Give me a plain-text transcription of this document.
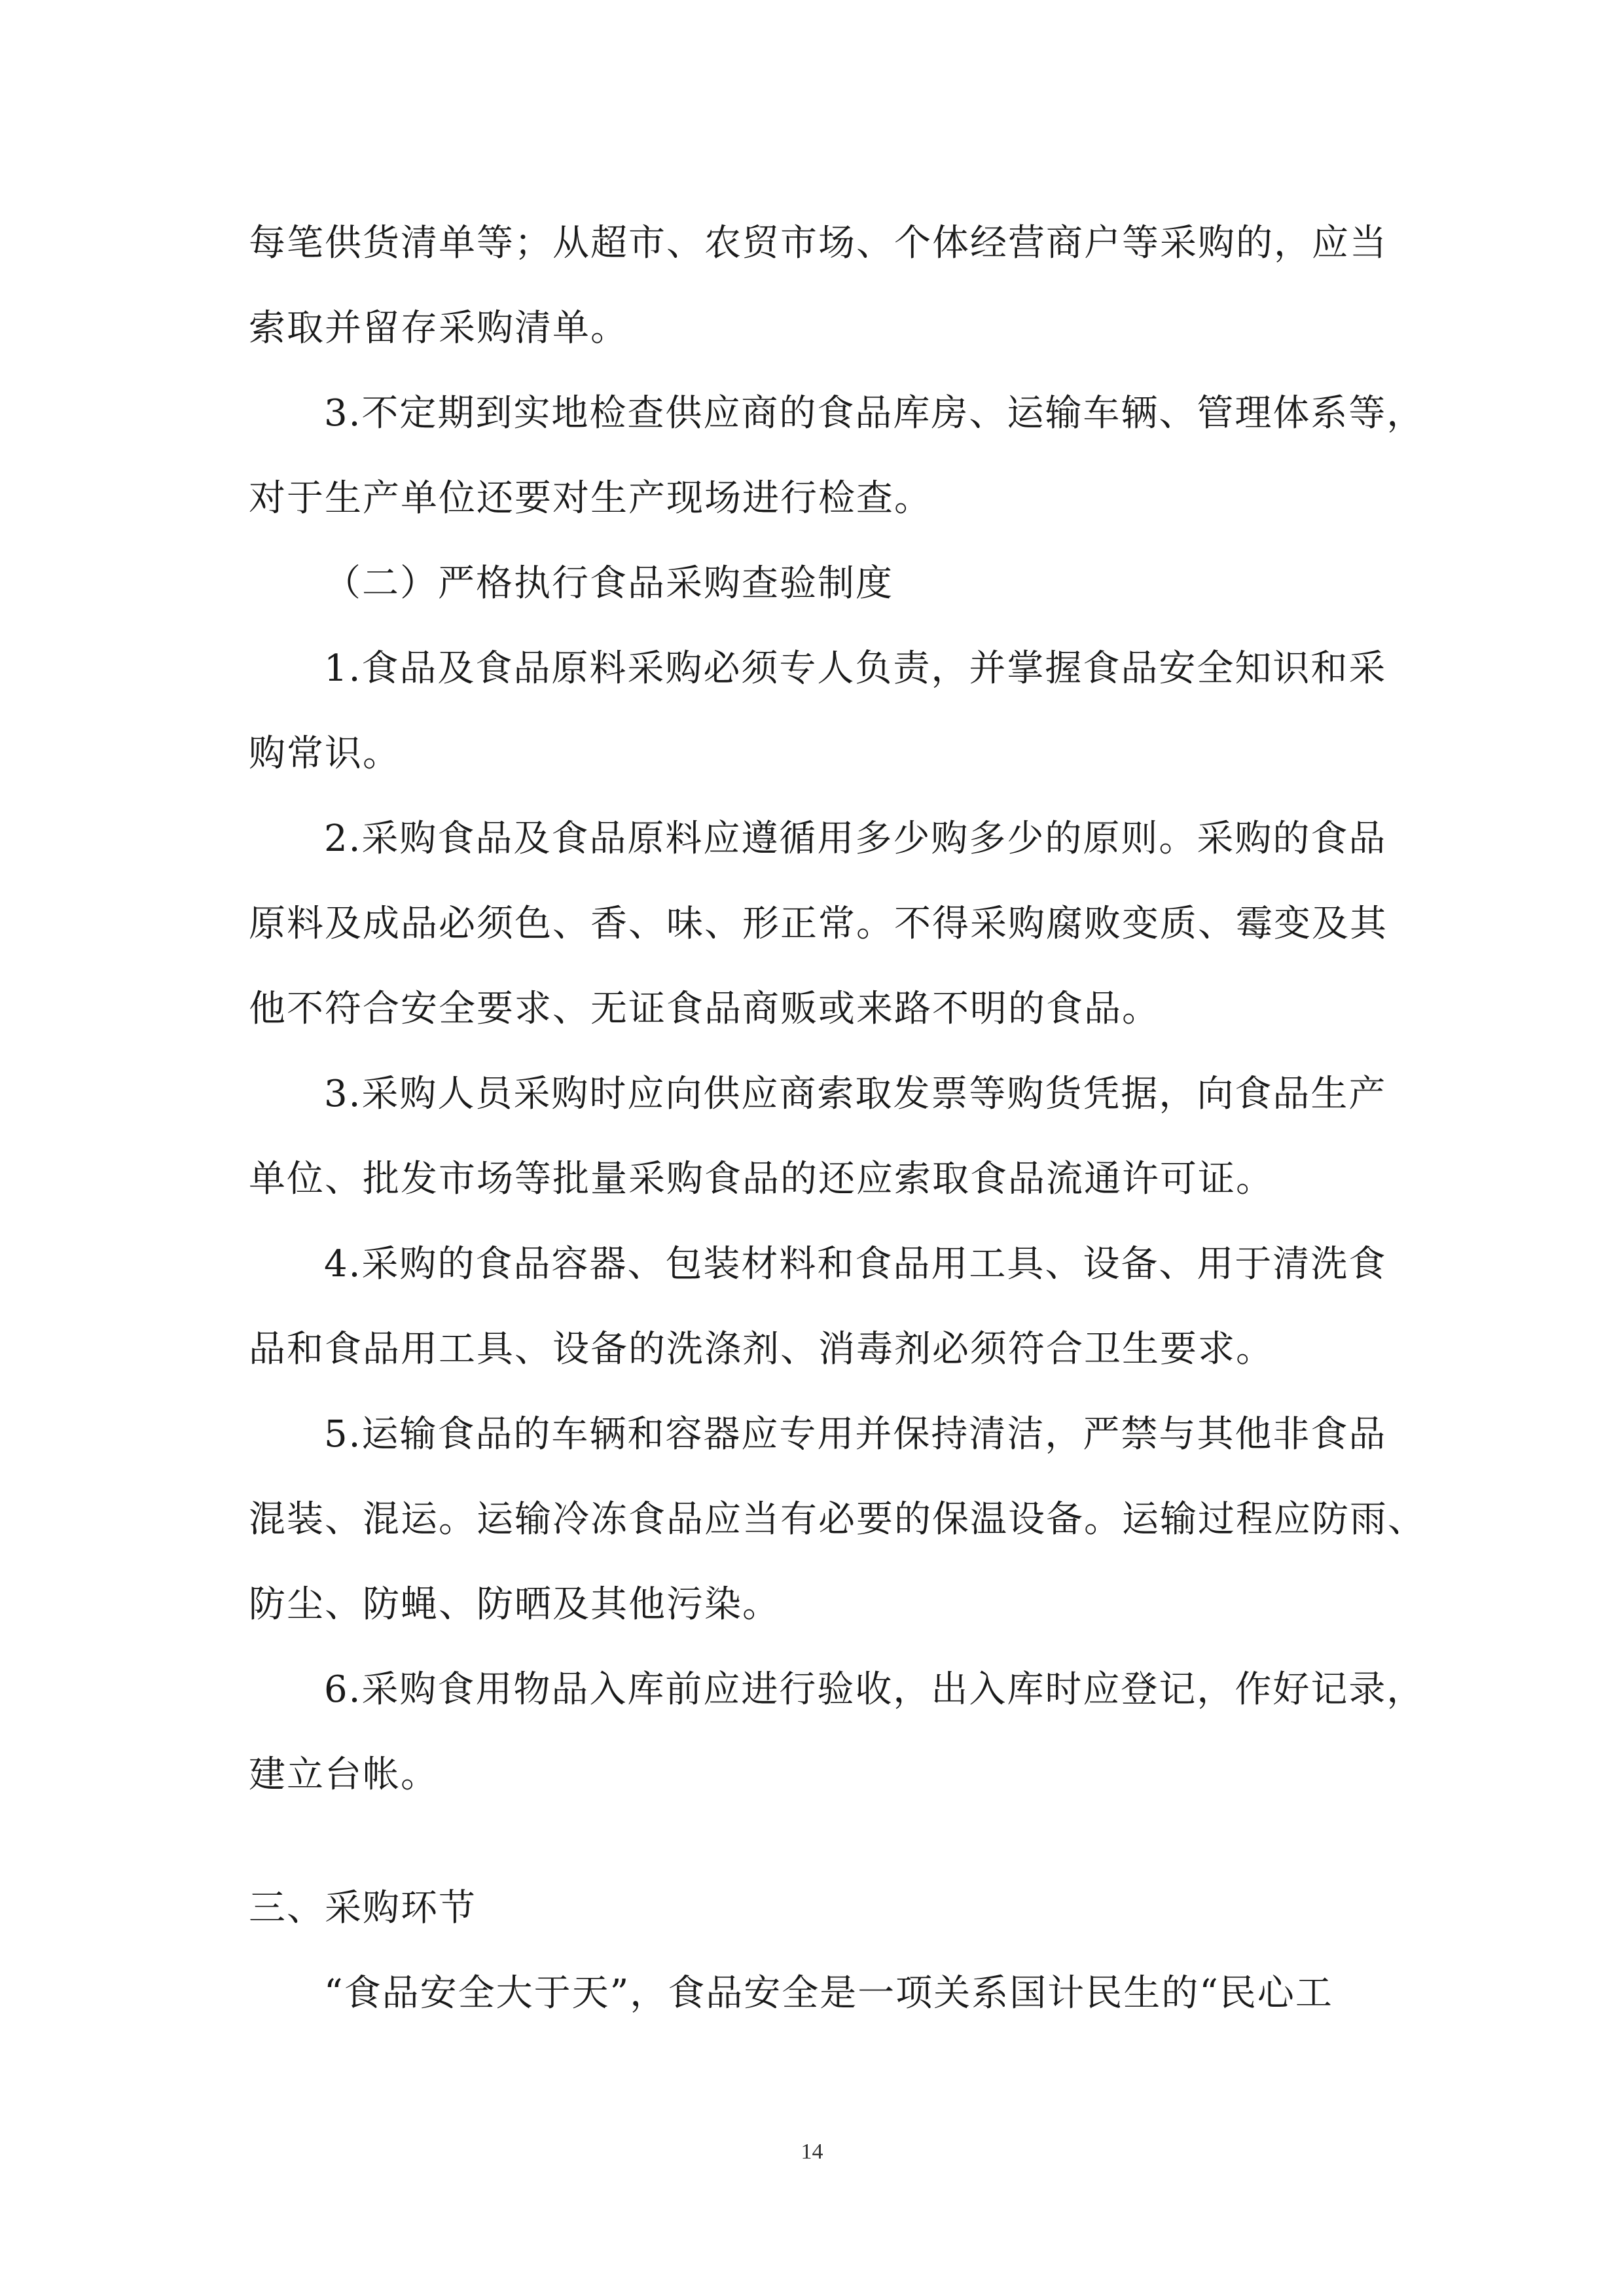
每笔供货清单等；从超市、农贸市场、个体经营商户等采购的，应当
索取并留存采购清单。
3.不定期到实地检查供应商的食品库房、运输车辆、管理体系等，
对于生产单位还要对生产现场进行检查。
（二）严格执行食品采购查验制度
1.食品及食品原料采购必须专人负责，并掌握食品安全知识和采
购常识。
2.采购食品及食品原料应遵循用多少购多少的原则。采购的食品
原料及成品必须色、香、味、形正常。不得采购腐败变质、霉变及其
他不符合安全要求、无证食品商贩或来路不明的食品。
3.采购人员采购时应向供应商索取发票等购货凭据，向食品生产
单位、批发市场等批量采购食品的还应索取食品流通许可证。
4.采购的食品容器、包装材料和食品用工具、设备、用于清洗食
品和食品用工具、设备的洗涤剂、消毒剂必须符合卫生要求。
5.运输食品的车辆和容器应专用并保持清洁，严禁与其他非食品
混装、混运。运输冷冻食品应当有必要的保温设备。运输过程应防雨、
防尘、防蝇、防晒及其他污染。
6.采购食用物品入库前应进行验收，出入库时应登记，作好记录，
建立台帐。
三、采购环节
“食品安全大于天”，食品安全是一项关系国计民生的“民心工
14
